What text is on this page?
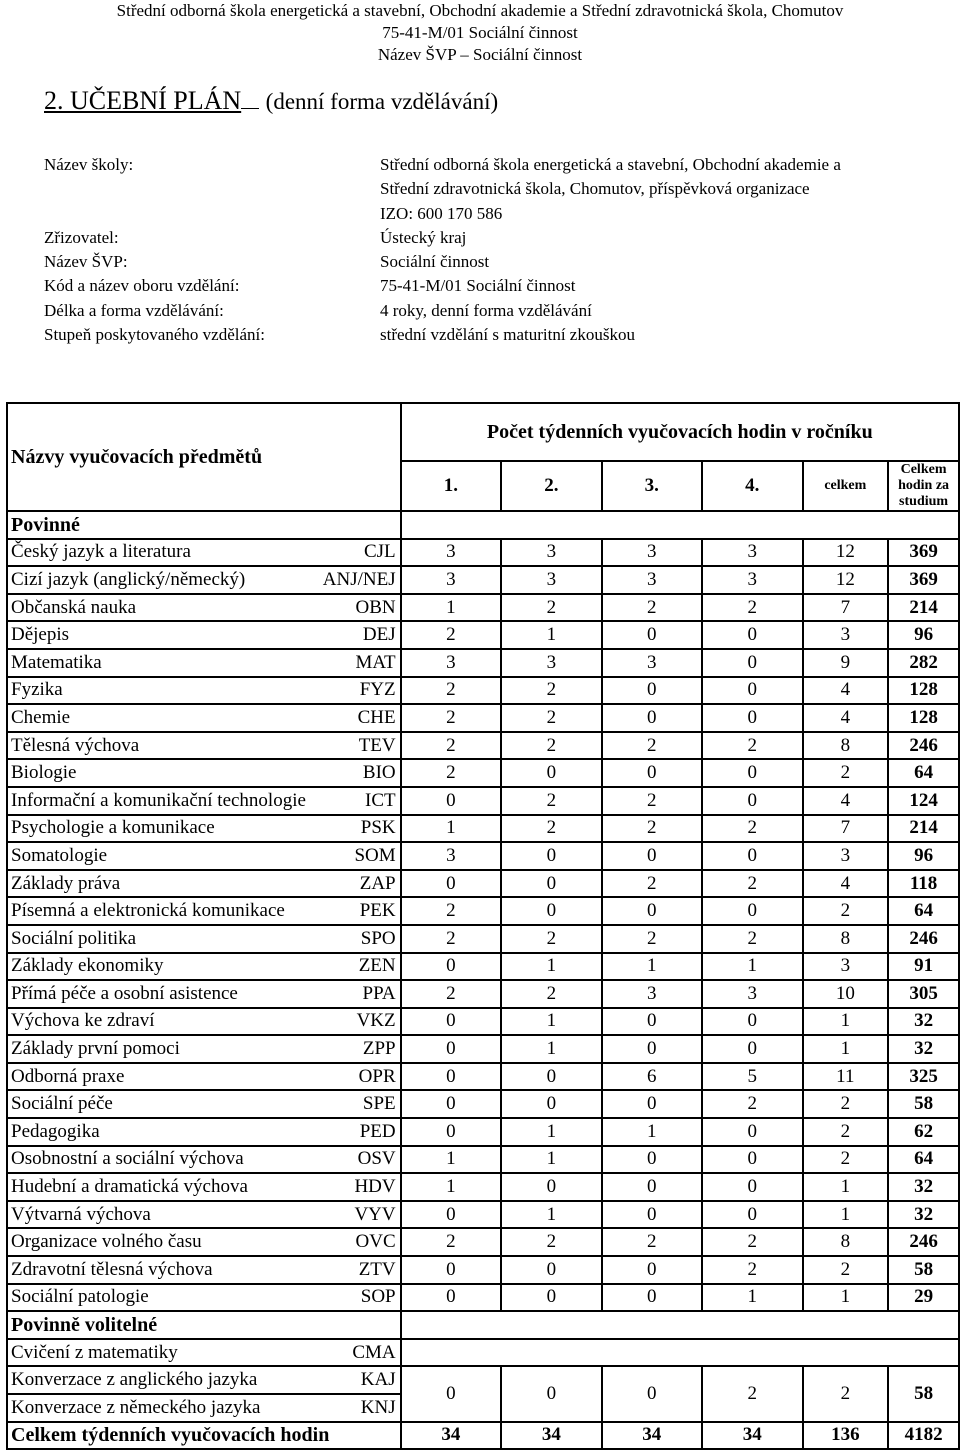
Střední odborná škola energetická a stavební, Obchodní akademie a Střední zdravotnická škola, Chomutov
75-41-M/01 Sociální činnost
Název ŠVP – Sociální činnost
2. UČEBNÍ PLÁN (denní forma vzdělávání)
Název školy:	Střední odborná škola energetická a stavební, Obchodní akademie a
Střední zdravotnická škola, Chomutov, příspěvková organizace
IZO: 600 170 586
Zřizovatel:	Ústecký kraj
Název ŠVP:	Sociální činnost
Kód a název oboru vzdělání:	75-41-M/01 Sociální činnost
Délka a forma vzdělávání:	4 roky, denní forma vzdělávání
Stupeň poskytovaného vzdělání:	střední vzdělání s maturitní zkouškou
Názvy vyučovacích předmětů	Počet týdenních vyučovacích hodin v ročníku					
	1.	2.	3.	4.	celkem	Celkem hodin za studium
Povinné						

Český jazyk a literatura CJL	3	3	3	3	12	369

Cizí jazyk (anglický/německý) ANJ/NEJ	3	3	3	3	12	369

Občanská nauka OBN	1	2	2	2	7	214

Dějepis DEJ	2	1	0	0	3	96

Matematika MAT	3	3	3	0	9	282

Fyzika FYZ	2	2	0	0	4	128

Chemie CHE	2	2	0	0	4	128

Tělesná výchova TEV	2	2	2	2	8	246

Biologie BIO	2	0	0	0	2	64

Informační a komunikační technologie ICT	0	2	2	0	4	124

Psychologie a komunikace PSK	1	2	2	2	7	214

Somatologie SOM	3	0	0	0	3	96

Základy práva ZAP	0	0	2	2	4	118

Písemná a elektronická komunikace PEK	2	0	0	0	2	64

Sociální politika SPO	2	2	2	2	8	246

Základy ekonomiky ZEN	0	1	1	1	3	91

Přímá péče a osobní asistence PPA	2	2	3	3	10	305

Výchova ke zdraví VKZ	0	1	0	0	1	32

Základy první pomoci ZPP	0	1	0	0	1	32

Odborná praxe OPR	0	0	6	5	11	325

Sociální péče SPE	0	0	0	2	2	58

Pedagogika PED	0	1	1	0	2	62

Osobnostní a sociální výchova OSV	1	1	0	0	2	64

Hudební a dramatická výchova HDV	1	0	0	0	1	32

Výtvarná výchova VYV	0	1	0	0	1	32

Organizace volného času OVC	2	2	2	2	8	246

Zdravotní tělesná výchova ZTV	0	0	0	2	2	58

Sociální patologie SOP	0	0	0	1	1	29
Povinně volitelné						

Cvičení z matematiky CMA						

Konverzace z anglického jazyka KAJ	0	0	0	2	2	58

Konverzace z německého jazyka KNJ						

Celkem týdenních vyučovacích hodin	34	34	34	34	136	4182
